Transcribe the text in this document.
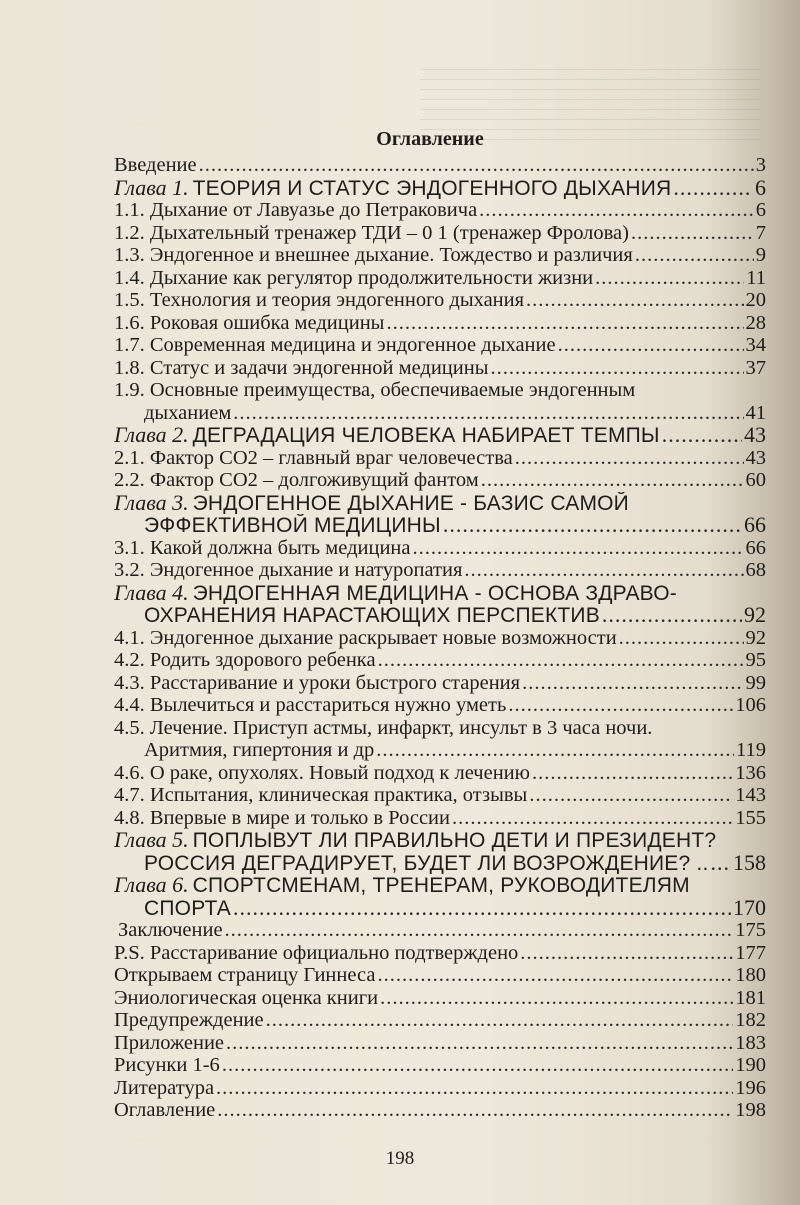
Оглавление
Введение .....	3
Глава 1. ТЕОРИЯ И СТАТУС ЭНДОГЕННОГО ДЫХАНИЯ .....	6
1.1. Дыхание от Лавуазье до Петраковича .....	6
1.2. Дыхательный тренажер ТДИ – 0 1 (тренажер Фролова) .....	7
1.3. Эндогенное и внешнее дыхание. Тождество и различия .....	9
1.4. Дыхание как регулятор продолжительности жизни .....	11
1.5. Технология и теория эндогенного дыхания .....	20
1.6. Роковая ошибка медицины .....	28
1.7. Современная медицина и эндогенное дыхание .....	34
1.8. Статус и задачи эндогенной медицины .....	37
1.9. Основные преимущества, обеспечиваемые эндогенным
дыханием .....	41
Глава 2. ДЕГРАДАЦИЯ ЧЕЛОВЕКА НАБИРАЕТ ТЕМПЫ .....	43
2.1. Фактор СО2 – главный враг человечества .....	43
2.2. Фактор СО2 – долгоживущий фантом .....	60
Глава 3. ЭНДОГЕННОЕ ДЫХАНИЕ - БАЗИС САМОЙ
ЭФФЕКТИВНОЙ МЕДИЦИНЫ .....	66
3.1. Какой должна быть медицина .....	66
3.2. Эндогенное дыхание и натуропатия .....	68
Глава 4. ЭНДОГЕННАЯ МЕДИЦИНА - ОСНОВА ЗДРАВО-
ОХРАНЕНИЯ НАРАСТАЮЩИХ ПЕРСПЕКТИВ .....	92
4.1. Эндогенное дыхание раскрывает новые возможности .....	92
4.2. Родить здорового ребенка .....	95
4.3. Расстаривание и уроки быстрого старения .....	99
4.4. Вылечиться и расстариться нужно уметь .....	106
4.5. Лечение. Приступ астмы, инфаркт, инсульт в 3 часа ночи.
Аритмия, гипертония и др .....	119
4.6. О раке, опухолях. Новый подход к лечению .....	136
4.7. Испытания, клиническая практика, отзывы .....	143
4.8. Впервые в мире и только в России .....	155
Глава 5. ПОПЛЫВУТ ЛИ ПРАВИЛЬНО ДЕТИ И ПРЕЗИДЕНТ?
РОССИЯ ДЕГРАДИРУЕТ, БУДЕТ ЛИ ВОЗРОЖДЕНИЕ? .. ..... 158
Глава 6. СПОРТСМЕНАМ, ТРЕНЕРАМ, РУКОВОДИТЕЛЯМ
СПОРТА .....	170
Заключение .....	175
P.S. Расстаривание официально подтверждено .....	177
Открываем страницу Гиннеса .....	180
Эниологическая оценка книги .....	181
Предупреждение .....	182
Приложение .....	183
Рисунки 1-6 .....	190
Литература .....	196
Оглавление .....	198
198
